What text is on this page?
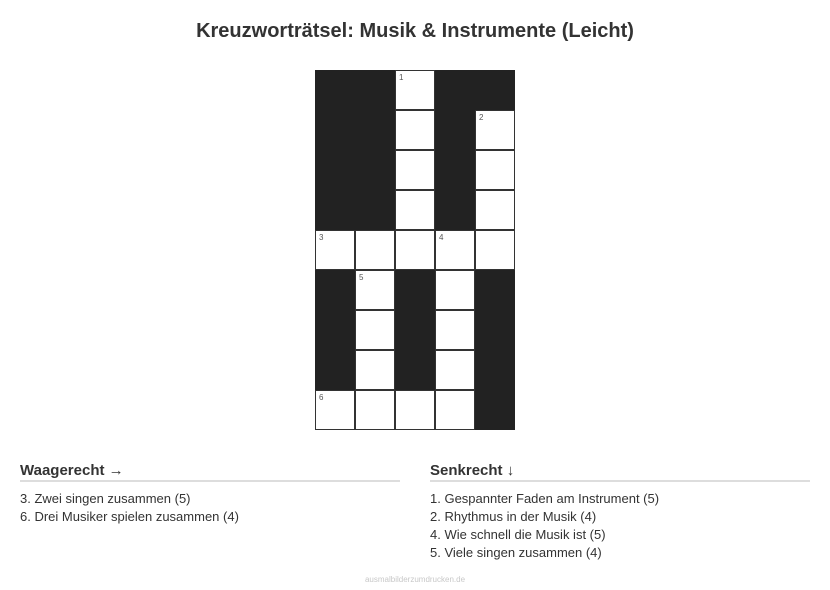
Kreuzworträtsel: Musik & Instrumente (Leicht)
1
2
3	4
5
6
Waagerecht →
3. Zwei singen zusammen (5)
6. Drei Musiker spielen zusammen (4)
Senkrecht ↓
1. Gespannter Faden am Instrument (5)
2. Rhythmus in der Musik (4)
4. Wie schnell die Musik ist (5)
5. Viele singen zusammen (4)
ausmalbilderzumdrucken.de
